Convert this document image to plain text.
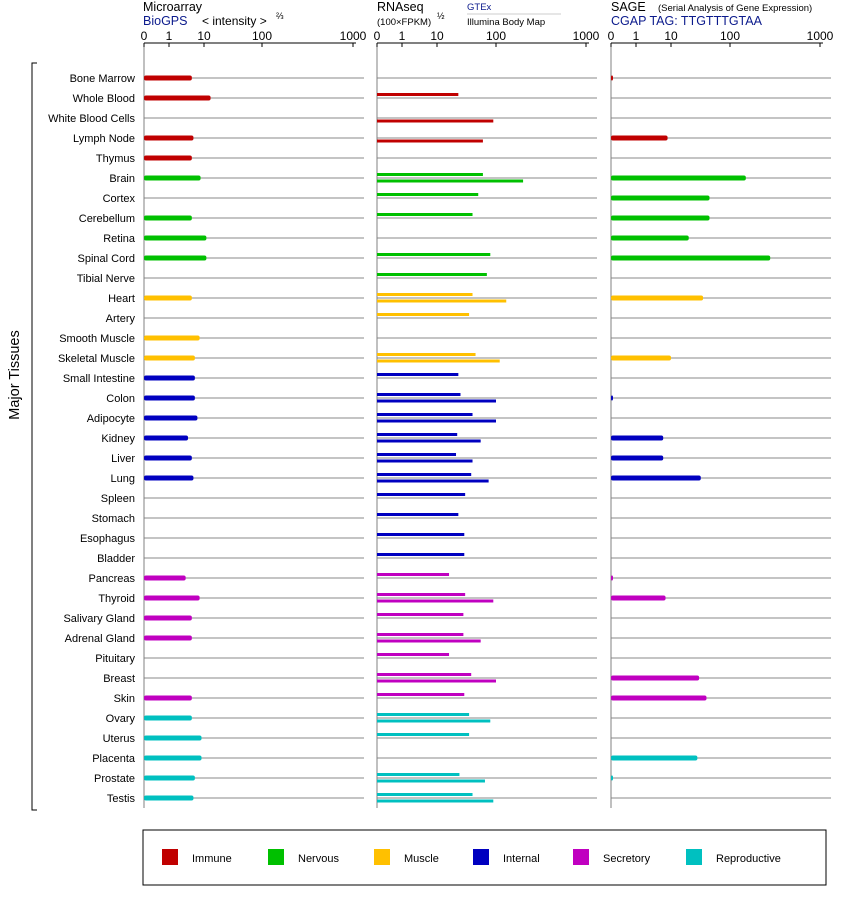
Microarray
BioGPS < intensity > ⅔
RNAseq
(100×FPKM)
½
GTEx
Illumina Body Map
SAGE (Serial Analysis of Gene Expression)
CGAP TAG: TTGTTTGTAA
Major Tissues
0 1 10	100	1000 0 1 10	100	1000 0 1 10	100	1000
Bone Marrow
Whole Blood
White Blood Cells
Lymph Node
Thymus
Brain
Cortex
Cerebellum
Retina
Spinal Cord
Tibial Nerve
Heart
Artery
Smooth Muscle
Skeletal Muscle
Small Intestine
Colon
Adipocyte
Kidney
Liver
Lung
Spleen
Stomach
Esophagus
Bladder
Pancreas
Thyroid
Salivary Gland
Adrenal Gland
Pituitary
Breast
Skin
Ovary
Uterus
Placenta
Prostate
Testis
Immune	Nervous	Muscle	Internal	Secretory	Reproductive
